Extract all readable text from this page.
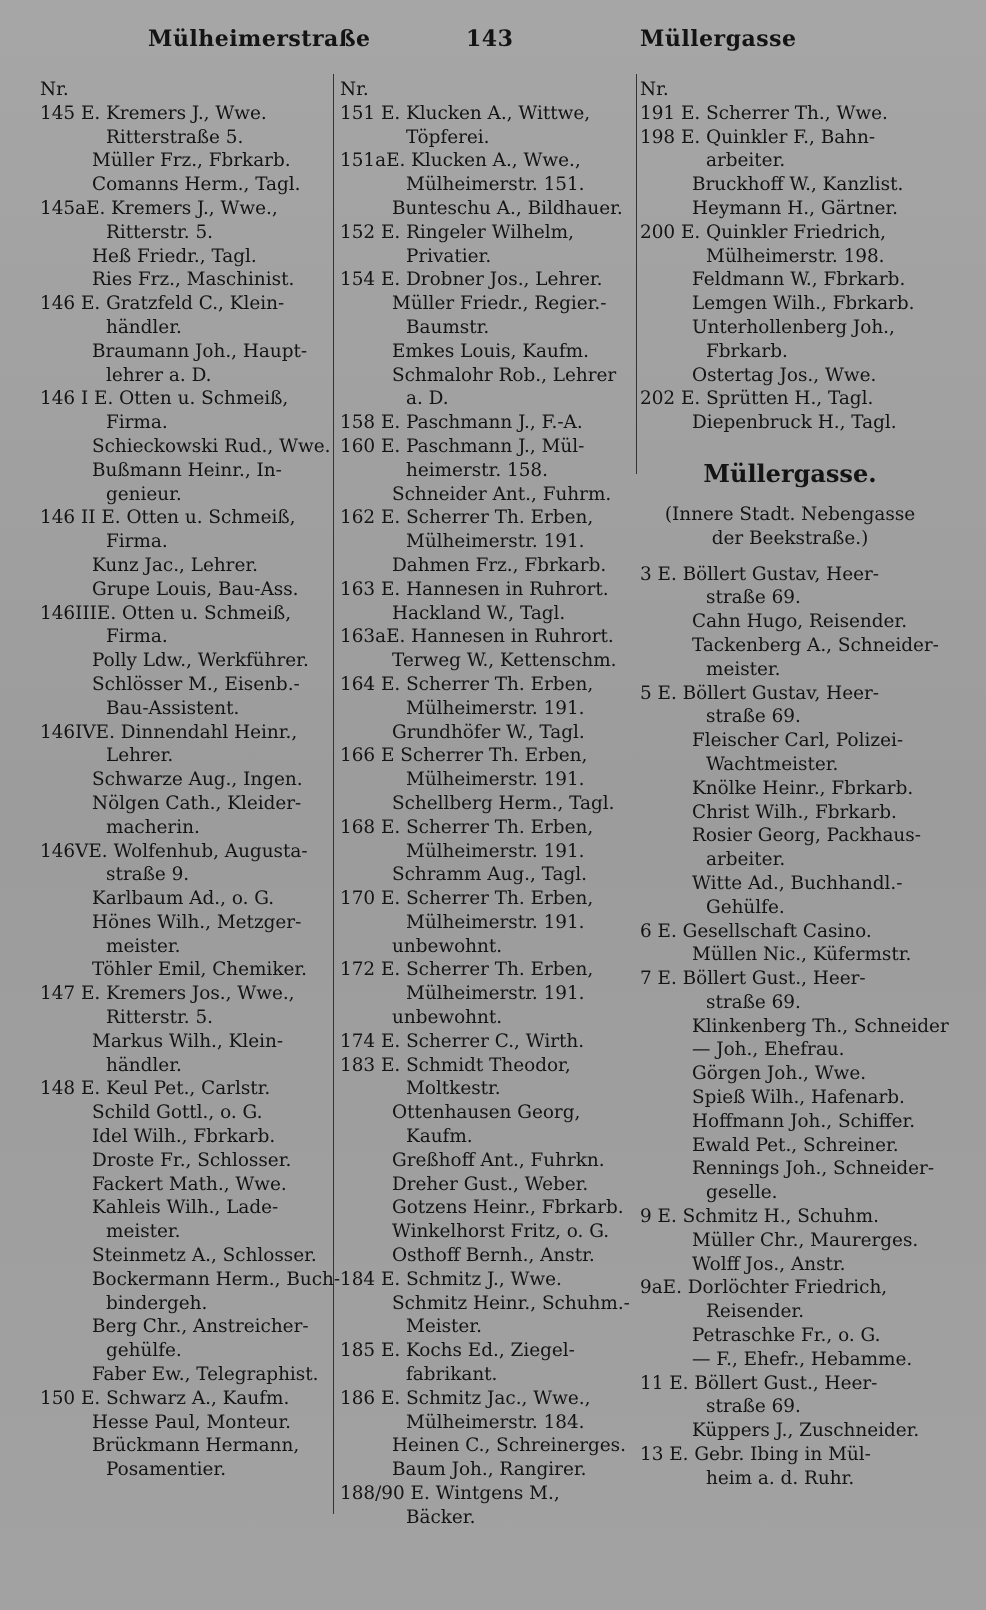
Mülheimerstraße	143	Müllergasse
Nr.
145 E. Kremers J., Wwe.
Ritterstraße 5.
Müller Frz., Fbrkarb.
Comanns Herm., Tagl.
145aE. Kremers J., Wwe.,
Ritterstr. 5.
Heß Friedr., Tagl.
Ries Frz., Maschinist.
146 E. Gratzfeld C., Klein-
händler.
Braumann Joh., Haupt-
lehrer a. D.
146 I E. Otten u. Schmeiß,
Firma.
Schieckowski Rud., Wwe.
Bußmann Heinr., In-
genieur.
146 II E. Otten u. Schmeiß,
Firma.
Kunz Jac., Lehrer.
Grupe Louis, Bau-Ass.
146IIIE. Otten u. Schmeiß,
Firma.
Polly Ldw., Werkführer.
Schlösser M., Eisenb.-
Bau-Assistent.
146IVE. Dinnendahl Heinr.,
Lehrer.
Schwarze Aug., Ingen.
Nölgen Cath., Kleider-
macherin.
146VE. Wolfenhub, Augusta-
straße 9.
Karlbaum Ad., o. G.
Hönes Wilh., Metzger-
meister.
Töhler Emil, Chemiker.
147 E. Kremers Jos., Wwe.,
Ritterstr. 5.
Markus Wilh., Klein-
händler.
148 E. Keul Pet., Carlstr.
Schild Gottl., o. G.
Idel Wilh., Fbrkarb.
Droste Fr., Schlosser.
Fackert Math., Wwe.
Kahleis Wilh., Lade-
meister.
Steinmetz A., Schlosser.
Bockermann Herm., Buch-
bindergeh.
Berg Chr., Anstreicher-
gehülfe.
Faber Ew., Telegraphist.
150 E. Schwarz A., Kaufm.
Hesse Paul, Monteur.
Brückmann Hermann,
Posamentier.
Nr.
151 E. Klucken A., Wittwe,
Töpferei.
151aE. Klucken A., Wwe.,
Mülheimerstr. 151.
Bunteschu A., Bildhauer.
152 E. Ringeler Wilhelm,
Privatier.
154 E. Drobner Jos., Lehrer.
Müller Friedr., Regier.-
Baumstr.
Emkes Louis, Kaufm.
Schmalohr Rob., Lehrer
a. D.
158 E. Paschmann J., F.-A.
160 E. Paschmann J., Mül-
heimerstr. 158.
Schneider Ant., Fuhrm.
162 E. Scherrer Th. Erben,
Mülheimerstr. 191.
Dahmen Frz., Fbrkarb.
163 E. Hannesen in Ruhrort.
Hackland W., Tagl.
163aE. Hannesen in Ruhrort.
Terweg W., Kettenschm.
164 E. Scherrer Th. Erben,
Mülheimerstr. 191.
Grundhöfer W., Tagl.
166 E Scherrer Th. Erben,
Mülheimerstr. 191.
Schellberg Herm., Tagl.
168 E. Scherrer Th. Erben,
Mülheimerstr. 191.
Schramm Aug., Tagl.
170 E. Scherrer Th. Erben,
Mülheimerstr. 191.
unbewohnt.
172 E. Scherrer Th. Erben,
Mülheimerstr. 191.
unbewohnt.
174 E. Scherrer C., Wirth.
183 E. Schmidt Theodor,
Moltkestr.
Ottenhausen Georg,
Kaufm.
Greßhoff Ant., Fuhrkn.
Dreher Gust., Weber.
Gotzens Heinr., Fbrkarb.
Winkelhorst Fritz, o. G.
Osthoff Bernh., Anstr.
184 E. Schmitz J., Wwe.
Schmitz Heinr., Schuhm.-
Meister.
185 E. Kochs Ed., Ziegel-
fabrikant.
186 E. Schmitz Jac., Wwe.,
Mülheimerstr. 184.
Heinen C., Schreinerges.
Baum Joh., Rangirer.
188/90 E. Wintgens M.,
Bäcker.
Nr.
191 E. Scherrer Th., Wwe.
198 E. Quinkler F., Bahn-
arbeiter.
Bruckhoff W., Kanzlist.
Heymann H., Gärtner.
200 E. Quinkler Friedrich,
Mülheimerstr. 198.
Feldmann W., Fbrkarb.
Lemgen Wilh., Fbrkarb.
Unterhollenberg Joh.,
Fbrkarb.
Ostertag Jos., Wwe.
202 E. Sprütten H., Tagl.
Diepenbruck H., Tagl.
Müllergasse.
(Innere Stadt. Nebengasse
der Beekstraße.)
3 E. Böllert Gustav, Heer-
straße 69.
Cahn Hugo, Reisender.
Tackenberg A., Schneider-
meister.
5 E. Böllert Gustav, Heer-
straße 69.
Fleischer Carl, Polizei-
Wachtmeister.
Knölke Heinr., Fbrkarb.
Christ Wilh., Fbrkarb.
Rosier Georg, Packhaus-
arbeiter.
Witte Ad., Buchhandl.-
Gehülfe.
6 E. Gesellschaft Casino.
Müllen Nic., Küfermstr.
7 E. Böllert Gust., Heer-
straße 69.
Klinkenberg Th., Schneider
— Joh., Ehefrau.
Görgen Joh., Wwe.
Spieß Wilh., Hafenarb.
Hoffmann Joh., Schiffer.
Ewald Pet., Schreiner.
Rennings Joh., Schneider-
geselle.
9 E. Schmitz H., Schuhm.
Müller Chr., Maurerges.
Wolff Jos., Anstr.
9aE. Dorlöchter Friedrich,
Reisender.
Petraschke Fr., o. G.
— F., Ehefr., Hebamme.
11 E. Böllert Gust., Heer-
straße 69.
Küppers J., Zuschneider.
13 E. Gebr. Ibing in Mül-
heim a. d. Ruhr.
